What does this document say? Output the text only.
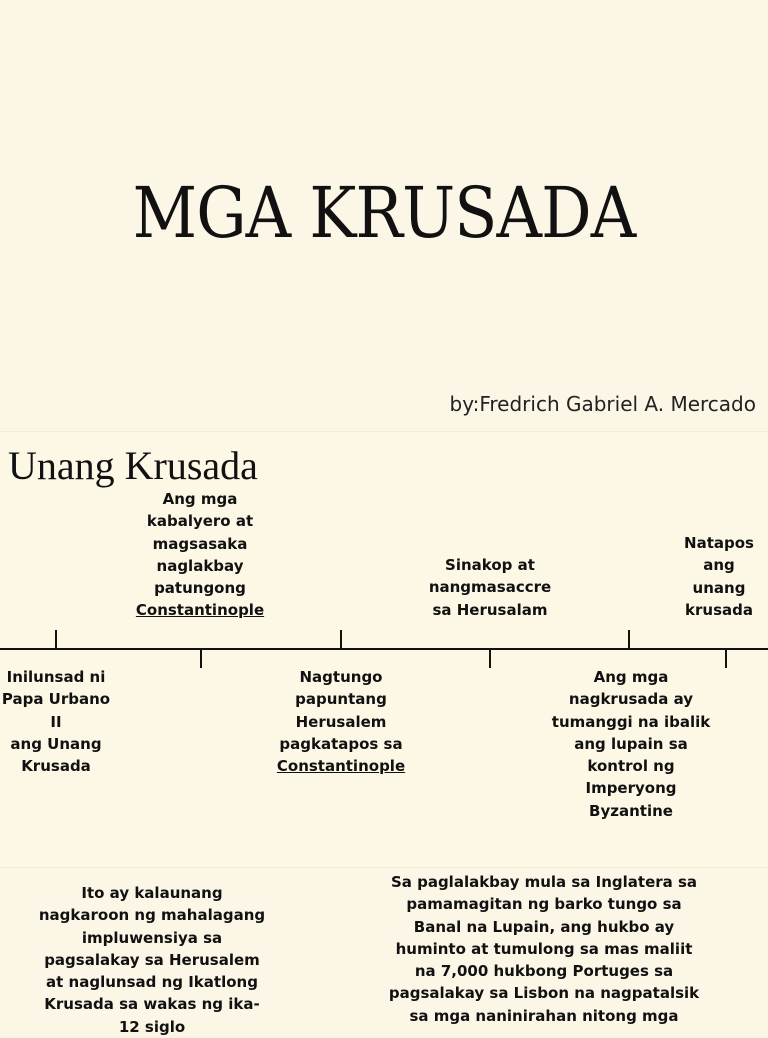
MGA KRUSADA
by:Fredrich Gabriel A. Mercado
Unang Krusada
Ang mga
kabalyero at
magsasaka
naglakbay
patungong
Constantinople
Sinakop at
nangmasaccre
sa Herusalam
Natapos
ang
unang
krusada
Inilunsad ni
Papa Urbano
II
ang Unang
Krusada
Nagtungo
papuntang
Herusalem
pagkatapos sa
Constantinople
Ang mga
nagkrusada ay
tumanggi na ibalik
ang lupain sa
kontrol ng
Imperyong
Byzantine
Ito ay kalaunang
nagkaroon ng mahalagang
impluwensiya sa
pagsalakay sa Herusalem
at naglunsad ng Ikatlong
Krusada sa wakas ng ika-
12 siglo
Sa paglalakbay mula sa Inglatera sa
pamamagitan ng barko tungo sa
Banal na Lupain, ang hukbo ay
huminto at tumulong sa mas maliit
na 7,000 hukbong Portuges sa
pagsalakay sa Lisbon na nagpatalsik
sa mga naninirahan nitong mga
